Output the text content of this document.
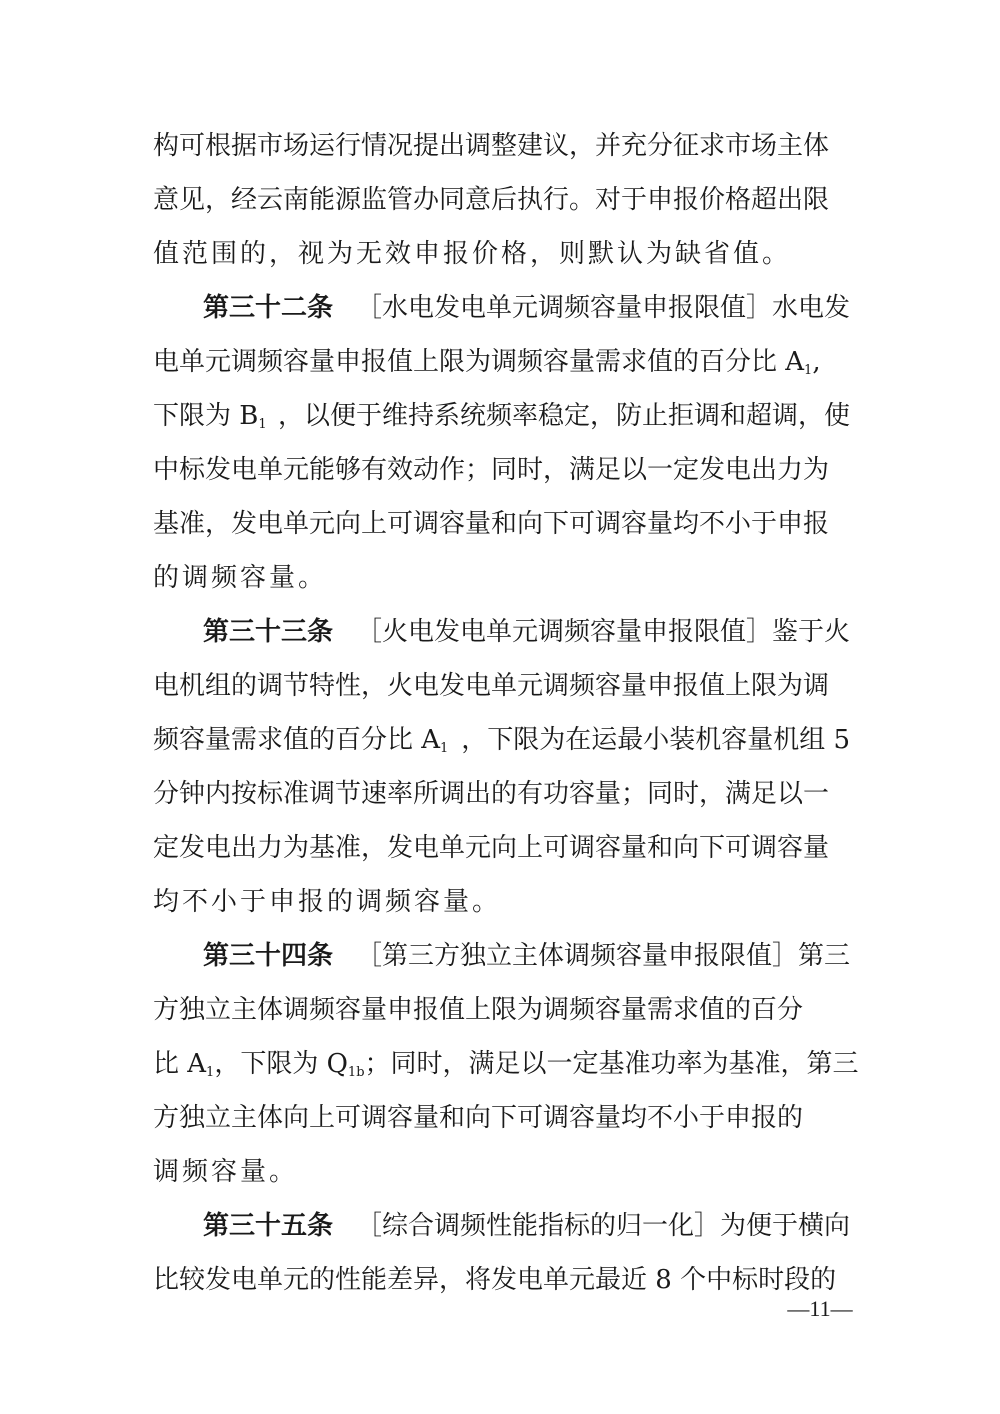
构可根据市场运行情况提出调整建议，并充分征求市场主体
意见，经云南能源监管办同意后执行。对于申报价格超出限
值范围的，视为无效申报价格，则默认为缺省值。
第三十二条 ［水电发电单元调频容量申报限值］水电发
电单元调频容量申报值上限为调频容量需求值的百分比 $A_1$,
下限为 $B_1$ ，以便于维持系统频率稳定，防止拒调和超调，使
中标发电单元能够有效动作；同时，满足以一定发电出力为
基准，发电单元向上可调容量和向下可调容量均不小于申报
的调频容量。
第三十三条 ［火电发电单元调频容量申报限值］鉴于火
电机组的调节特性，火电发电单元调频容量申报值上限为调
频容量需求值的百分比 $A_1$ ，下限为在运最小装机容量机组 5
分钟内按标准调节速率所调出的有功容量；同时，满足以一
定发电出力为基准，发电单元向上可调容量和向下可调容量
均不小于申报的调频容量。
第三十四条 ［第三方独立主体调频容量申报限值］第三
方独立主体调频容量申报值上限为调频容量需求值的百分
比 $A_1$，下限为 $Q_{1b}$ ；同时，满足以一定基准功率为基准，第三
方独立主体向上可调容量和向下可调容量均不小于申报的
调频容量。
第三十五条 ［综合调频性能指标的归一化］为便于横向
比较发电单元的性能差异，将发电单元最近 8 个中标时段的
—11—
